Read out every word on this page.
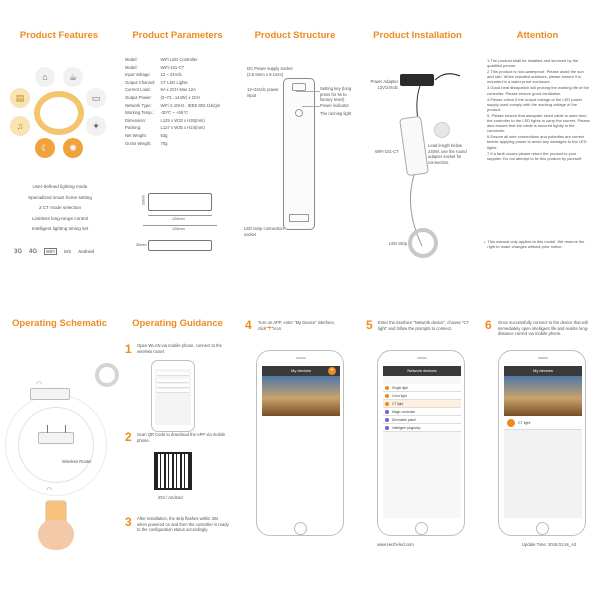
Product Features
⌂	☕
▤	▭
♫	✦
☾	✺
User-defined lighting mode
Specialized smart home setting
2 CT mode selection
Limitless long-range control
Intelligent lighting timing set
3G 4G	WiFi	iOS Android
Product Parameters
Model:	WiFi LED Controller
Model:	WiFi-101-CT
Input Voltage:	12 ~ 24Vdc
Output Channel:	CT LED Lights
Current Load:	6A x 2CH Max 12A
Output Power:	(0~72...144W) x 2CH
Network Type:	WiFi 2.4GHz , IEEE 802.11b/g/n
Working Temp.:	-30℃ ~ +55℃
Dimension:	L125 x W33 x H30(mm)
Packing:	L127 x W35 x H24(mm)
Net Weight:	53g
Gross Weight:	70g
33mm
120mm
125mm
30mm
Product Structure
DC Power supply socket (3.5.5mm x 9.1mm)
12~24Vdc power input
Setting key (long press for 5s to factory reset)
Power indicator
The running light
LED lamp connection socket
Product Installation
Power Adapter 12V/24Vdc
WiFi-101-CT
Lead length below 240W, use the round adapter socket for connection.
LED Strip
Attention

1.The product shall be installed and serviced by the qualified person.

2.This product is non-waterproof. Please avoid the sun and rain. When installed outdoors, please ensure it is mounted in a water proof enclosure.

3.Good heat dissipation will prolong the working life of the controller. Please ensure good ventilation.

4.Please check if the output voltage of the LED power supply used comply with the working voltage of the product.

5. Please ensure that adequate sized cable is used from the controller to the LED lights to carry the current. Please also ensure that the cable is secured tightly in the connector.

6.Ensure all wire connections and polarities are correct before applying power to avoid any damages to the LED lights.

7.If a fault occurs please return the product to your supplier. Do not attempt to fix this product by yourself.

• This manual only applies to this model. We reserve the right to make changes without prior notice.
Operating Schematic
Wireless Router
◠
◠
Operating Guidance
1 Open WLAN via mobile phone, connect to the wireless router.
2 Scan QR Code to download the APP via mobile phone.
iOS / Android
3 After installation, the strip flashes within 30s when powered on and then the controller is ready to the configuration status accordingly.
4 Turn on APP, enter "My Device" interface, click"+"icon.
My devices	+
5 Enter the interface "Network device", choose "CT light" and follow the prompts to connect.
Network devices
Single light
Color light
CT light
Magic controller
Dimmable panel
Intelligent pluglamp
www.Hezhi-led.com
6 Once successfully connect to the device that will immediately open intelligent life and realize long-distance control via mobile phone.
My devices
CT light
Update Time: 2018.01.8s_A2
